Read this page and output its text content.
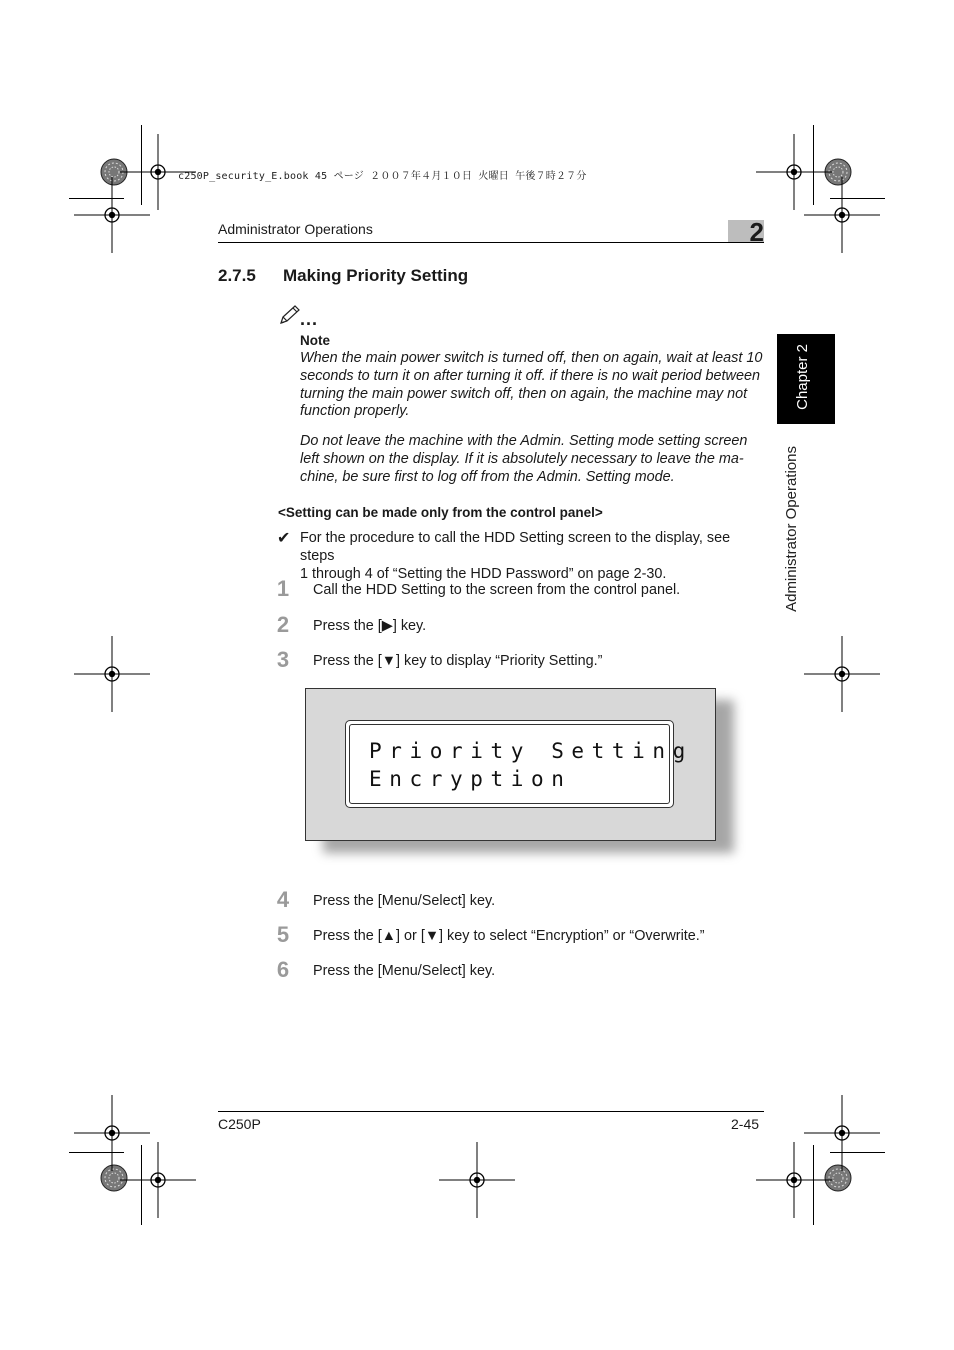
c250P_security_E.book 45 ページ ２００７年４月１０日 火曜日 午後７時２７分
Administrator Operations	2
Chapter 2
Administrator Operations
2.7.5 Making Priority Setting
...
Note
When the main power switch is turned off, then on again, wait at least 10
seconds to turn it on after turning it off. if there is no wait period between
turning the main power switch off, then on again, the machine may not
function properly.
Do not leave the machine with the Admin. Setting mode setting screen
left shown on the display. If it is absolutely necessary to leave the ma-
chine, be sure first to log off from the Admin. Setting mode.
<Setting can be made only from the control panel>
✔ For the procedure to call the HDD Setting screen to the display, see steps
1 through 4 of “Setting the HDD Password” on page 2-30.
1 Call the HDD Setting to the screen from the control panel.
2 Press the [▶] key.
3 Press the [▼] key to display “Priority Setting.”
Priority Setting
Encryption
4 Press the [Menu/Select] key.
5 Press the [▲] or [▼] key to select “Encryption” or “Overwrite.”
6 Press the [Menu/Select] key.
C250P	2-45
